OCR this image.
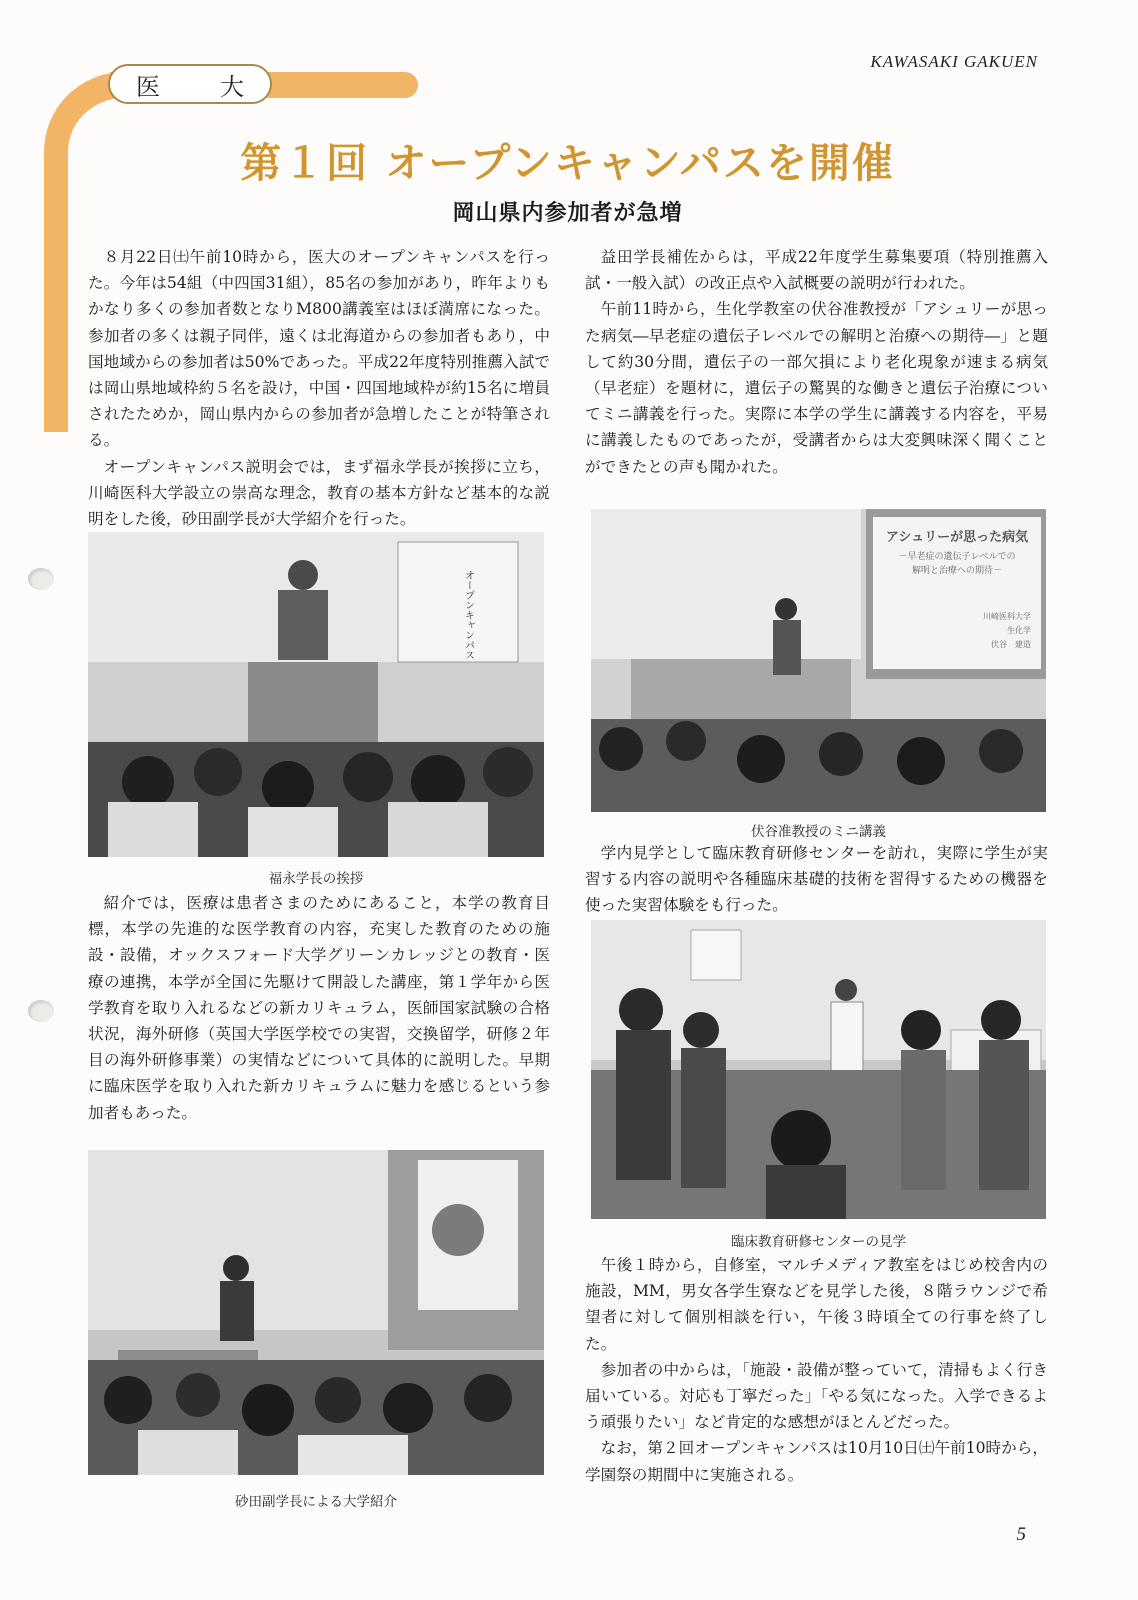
KAWASAKI GAKUEN
医	大
第１回 オープンキャンパスを開催
岡山県内参加者が急増

８月22日㈯午前10時から，医大のオープンキャンパスを行った。今年は54組（中四国31組），85名の参加があり，昨年よりもかなり多くの参加者数となりM800講義室はほぼ満席になった。参加者の多くは親子同伴，遠くは北海道からの参加者もあり，中国地域からの参加者は50%であった。平成22年度特別推薦入試では岡山県地域枠約５名を設け，中国・四国地域枠が約15名に増員されたためか，岡山県内からの参加者が急増したことが特筆される。

オープンキャンパス説明会では，まず福永学長が挨拶に立ち，川崎医科大学設立の崇高な理念，教育の基本方針など基本的な説明をした後，砂田副学長が大学紹介を行った。

オープンキャンパス
福永学長の挨拶

紹介では，医療は患者さまのためにあること，本学の教育目標，本学の先進的な医学教育の内容，充実した教育のための施設・設備，オックスフォード大学グリーンカレッジとの教育・医療の連携，本学が全国に先駆けて開設した講座，第１学年から医学教育を取り入れるなどの新カリキュラム，医師国家試験の合格状況，海外研修（英国大学医学校での実習，交換留学，研修２年目の海外研修事業）の実情などについて具体的に説明した。早期に臨床医学を取り入れた新カリキュラムに魅力を感じるという参加者もあった。

砂田副学長による大学紹介

益田学長補佐からは，平成22年度学生募集要項（特別推薦入試・一般入試）の改正点や入試概要の説明が行われた。

午前11時から，生化学教室の伏谷准教授が「アシュリーが思った病気―早老症の遺伝子レベルでの解明と治療への期待―」と題して約30分間，遺伝子の一部欠損により老化現象が速まる病気（早老症）を題材に，遺伝子の驚異的な働きと遺伝子治療についてミニ講義を行った。実際に本学の学生に講義する内容を，平易に講義したものであったが，受講者からは大変興味深く聞くことができたとの声も聞かれた。

アシュリーが思った病気
－早老症の遺伝子レベルでの
解明と治療への期待－
川崎医科大学
生化学
伏谷　建造
伏谷准教授のミニ講義

学内見学として臨床教育研修センターを訪れ，実際に学生が実習する内容の説明や各種臨床基礎的技術を習得するための機器を使った実習体験をも行った。

臨床教育研修センターの見学

午後１時から，自修室，マルチメディア教室をはじめ校舎内の施設，MM，男女各学生寮などを見学した後，８階ラウンジで希望者に対して個別相談を行い，午後３時頃全ての行事を終了した。

参加者の中からは，「施設・設備が整っていて，清掃もよく行き届いている。対応も丁寧だった」「やる気になった。入学できるよう頑張りたい」など肯定的な感想がほとんどだった。

なお，第２回オープンキャンパスは10月10日㈯午前10時から，学園祭の期間中に実施される。

5
